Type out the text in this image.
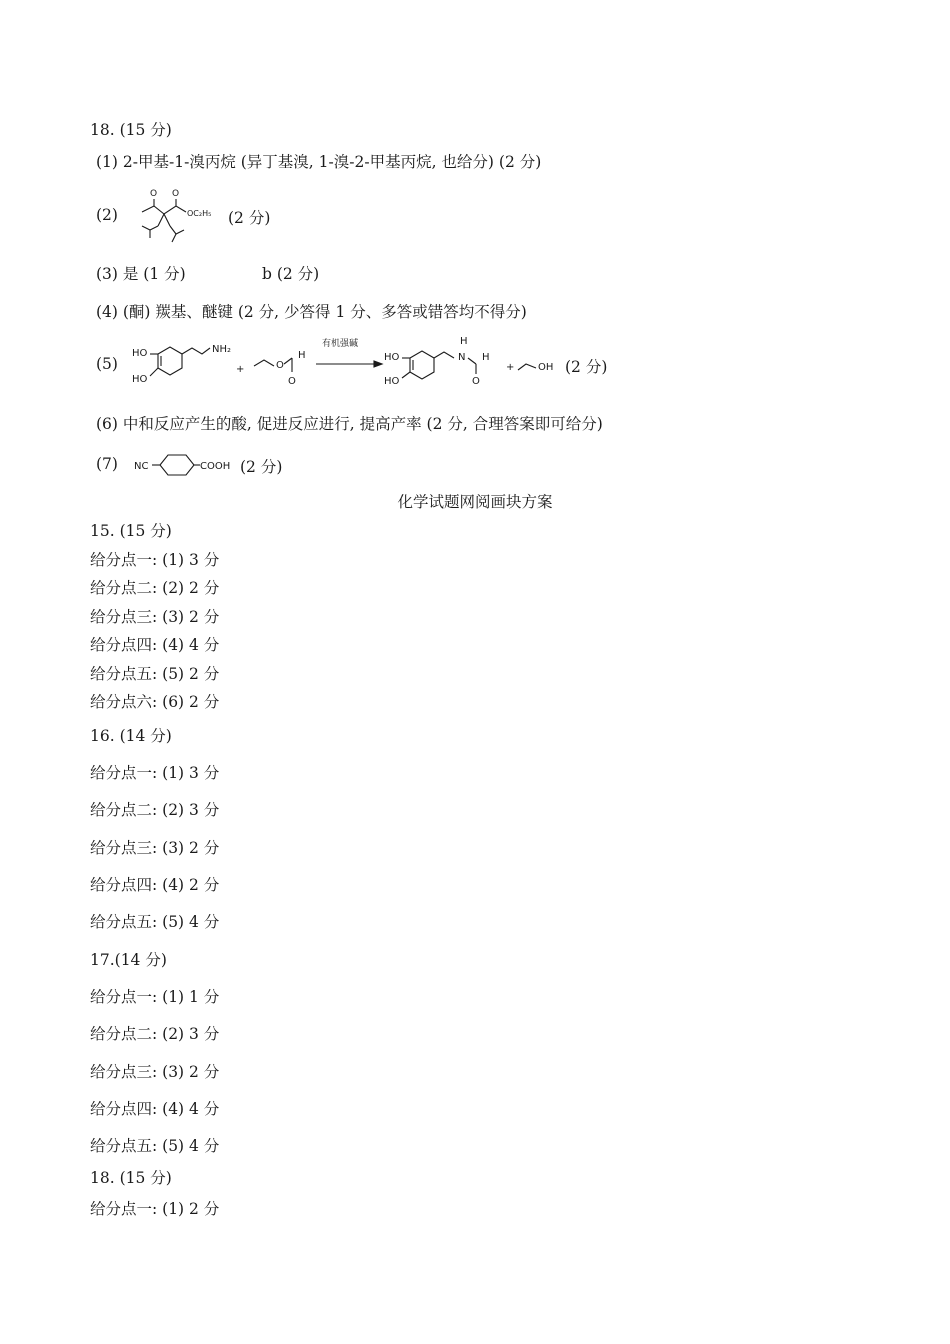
18. (15 分)
(1) 2-甲基-1-溴丙烷 (异丁基溴, 1-溴-2-甲基丙烷, 也给分) (2 分)
(2)
O O
OC₂H₅ (2 分)
(3) 是 (1 分)	b (2 分)
(4) (酮) 羰基、醚键 (2 分, 少答得 1 分、多答或错答均不得分)
(5)
HO
HO
NH₂
+	O
O
H
有机强碱
HO
HO
H
N
O
H
+ OH (2 分)
(6) 中和反应产生的酸, 促进反应进行, 提高产率 (2 分, 合理答案即可给分)
(7) NC	COOH (2 分)
化学试题网阅画块方案
15. (15 分)
给分点一: (1) 3 分
给分点二: (2) 2 分
给分点三: (3) 2 分
给分点四: (4) 4 分
给分点五: (5) 2 分
给分点六: (6) 2 分
16. (14 分)
给分点一: (1) 3 分
给分点二: (2) 3 分
给分点三: (3) 2 分
给分点四: (4) 2 分
给分点五: (5) 4 分
17.(14 分)
给分点一: (1) 1 分
给分点二: (2) 3 分
给分点三: (3) 2 分
给分点四: (4) 4 分
给分点五: (5) 4 分
18. (15 分)
给分点一: (1) 2 分
